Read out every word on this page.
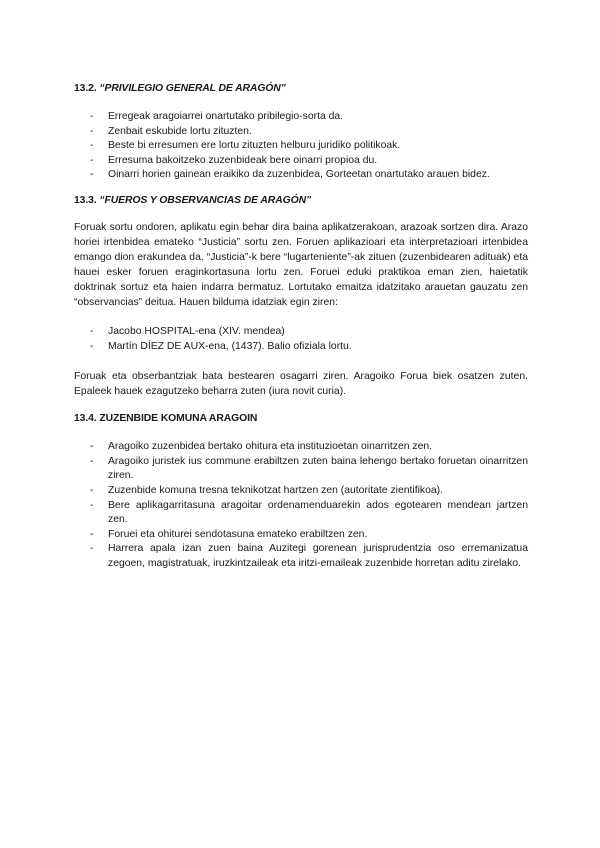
13.2. “PRIVILEGIO GENERAL DE ARAGÓN”
- Erregeak aragoiarrei onartutako pribilegio-sorta da.
- Zenbait eskubide lortu zituzten.
- Beste bi erresumen ere lortu zituzten helburu juridiko politikoak.
- Erresuma bakoitzeko zuzenbideak bere oinarri propioa du.
- Oinarri horien gainean eraikiko da zuzenbidea, Gorteetan onartutako arauen bidez.
13.3. “FUEROS Y OBSERVANCIAS DE ARAGÓN”

Foruak sortu ondoren, aplikatu egin behar dira baina aplikatzerakoan, arazoak sortzen dira. Arazo horiei irtenbidea emateko “Justicia” sortu zen. Foruen aplikazioari eta interpretazioari irtenbidea emango dion erakundea da. “Justicia”-k bere “lugarteniente”-ak zituen (zuzenbidearen adituak) eta hauei esker foruen eraginkortasuna lortu zen. Foruei eduki praktikoa eman zien, haietatik doktrinak sortuz eta haien indarra bermatuz. Lortutako emaitza idatzitako arauetan gauzatu zen “observancias” deitua. Hauen bilduma idatziak egin ziren:

- Jacobo HOSPITAL-ena (XIV. mendea)
- Martín DÍEZ DE AUX-ena, (1437). Balio ofiziala lortu.

Foruak eta obserbantziak bata bestearen osagarri ziren. Aragoiko Forua biek osatzen zuten. Epaleek hauek ezagutzeko beharra zuten (iura novit curia).

13.4. ZUZENBIDE KOMUNA ARAGOIN
- Aragoiko zuzenbidea bertako ohitura eta instituzioetan oinarritzen zen.
- Aragoiko juristek ius commune erabiltzen zuten baina lehengo bertako foruetan oinarritzen ziren.
- Zuzenbide komuna tresna teknikotzat hartzen zen (autoritate zientifikoa).
- Bere aplikagarritasuna aragoitar ordenamenduarekin ados egotearen mendean jartzen zen.
- Foruei eta ohiturei sendotasuna emateko erabiltzen zen.
- Harrera apala izan zuen baina Auzitegi gorenean jurisprudentzia oso erremanizatua zegoen, magistratuak, iruzkintzaileak eta iritzi-emaileak zuzenbide horretan aditu zirelako.
